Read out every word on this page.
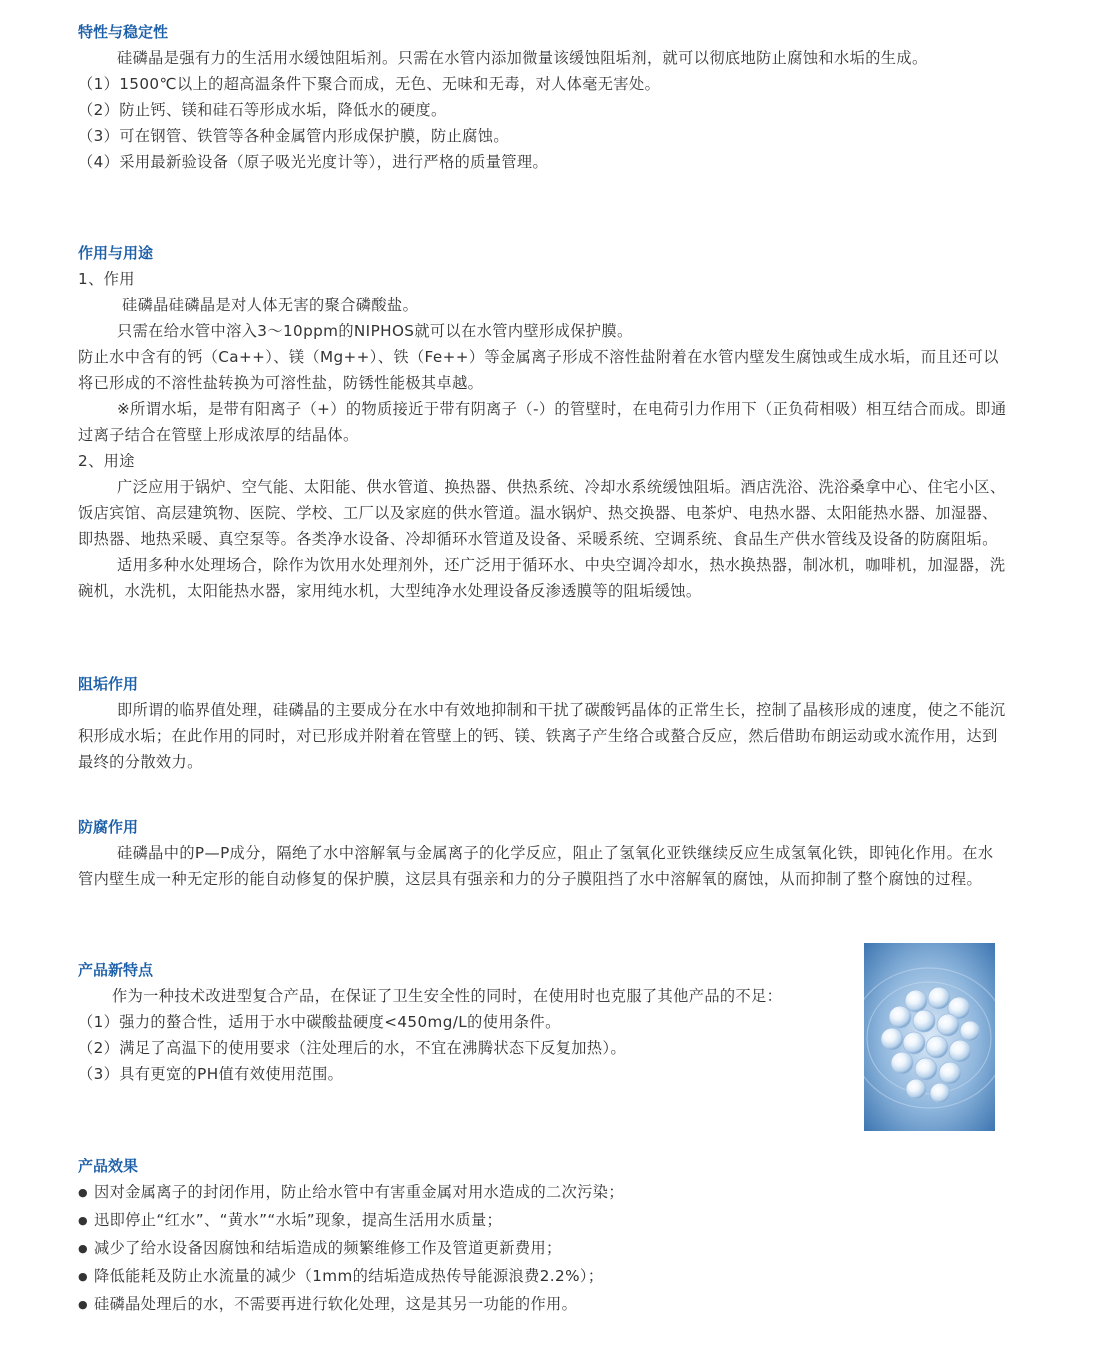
特性与稳定性

硅磷晶是强有力的生活用水缓蚀阻垢剂。只需在水管内添加微量该缓蚀阻垢剂，就可以彻底地防止腐蚀和水垢的生成。

（1）1500℃以上的超高温条件下聚合而成，无色、无味和无毒，对人体毫无害处。

（2）防止钙、镁和硅石等形成水垢，降低水的硬度。

（3）可在钢管、铁管等各种金属管内形成保护膜，防止腐蚀。

（4）采用最新验设备（原子吸光光度计等），进行严格的质量管理。

作用与用途

1、作用

硅磷晶硅磷晶是对人体无害的聚合磷酸盐。

只需在给水管中溶入3～10ppm的NIPHOS就可以在水管内壁形成保护膜。

防止水中含有的钙（Ca++）、镁（Mg++）、铁（Fe++）等金属离子形成不溶性盐附着在水管内壁发生腐蚀或生成水垢，而且还可以将已形成的不溶性盐转换为可溶性盐，防锈性能极其卓越。

※所谓水垢，是带有阳离子（+）的物质接近于带有阴离子（-）的管壁时，在电荷引力作用下（正负荷相吸）相互结合而成。即通过离子结合在管壁上形成浓厚的结晶体。

2、用途

广泛应用于锅炉、空气能、太阳能、供水管道、换热器、供热系统、冷却水系统缓蚀阻垢。酒店洗浴、洗浴桑拿中心、住宅小区、饭店宾馆、高层建筑物、医院、学校、工厂以及家庭的供水管道。温水锅炉、热交换器、电茶炉、电热水器、太阳能热水器、加湿器、即热器、地热采暖、真空泵等。各类净水设备、冷却循环水管道及设备、采暖系统、空调系统、食品生产供水管线及设备的防腐阻垢。

适用多种水处理场合，除作为饮用水处理剂外，还广泛用于循环水、中央空调冷却水，热水换热器，制冰机，咖啡机，加湿器，洗碗机，水洗机，太阳能热水器，家用纯水机，大型纯净水处理设备反渗透膜等的阻垢缓蚀。

阻垢作用

即所谓的临界值处理，硅磷晶的主要成分在水中有效地抑制和干扰了碳酸钙晶体的正常生长，控制了晶核形成的速度，使之不能沉积形成水垢；在此作用的同时，对已形成并附着在管壁上的钙、镁、铁离子产生络合或螯合反应，然后借助布朗运动或水流作用，达到最终的分散效力。

防腐作用

硅磷晶中的P—P成分，隔绝了水中溶解氧与金属离子的化学反应，阻止了氢氧化亚铁继续反应生成氢氧化铁，即钝化作用。在水管内壁生成一种无定形的能自动修复的保护膜，这层具有强亲和力的分子膜阻挡了水中溶解氧的腐蚀，从而抑制了整个腐蚀的过程。

产品新特点

作为一种技术改进型复合产品，在保证了卫生安全性的同时，在使用时也克服了其他产品的不足：

（1）强力的螯合性，适用于水中碳酸盐硬度<450mg/L的使用条件。

（2）满足了高温下的使用要求（注处理后的水，不宜在沸腾状态下反复加热）。

（3）具有更宽的PH值有效使用范围。

产品效果

● 因对金属离子的封闭作用，防止给水管中有害重金属对用水造成的二次污染；

● 迅即停止“红水”、“黄水”“水垢”现象，提高生活用水质量；

● 减少了给水设备因腐蚀和结垢造成的频繁维修工作及管道更新费用；

● 降低能耗及防止水流量的减少（1mm的结垢造成热传导能源浪费2.2%）；

● 硅磷晶处理后的水，不需要再进行软化处理，这是其另一功能的作用。
